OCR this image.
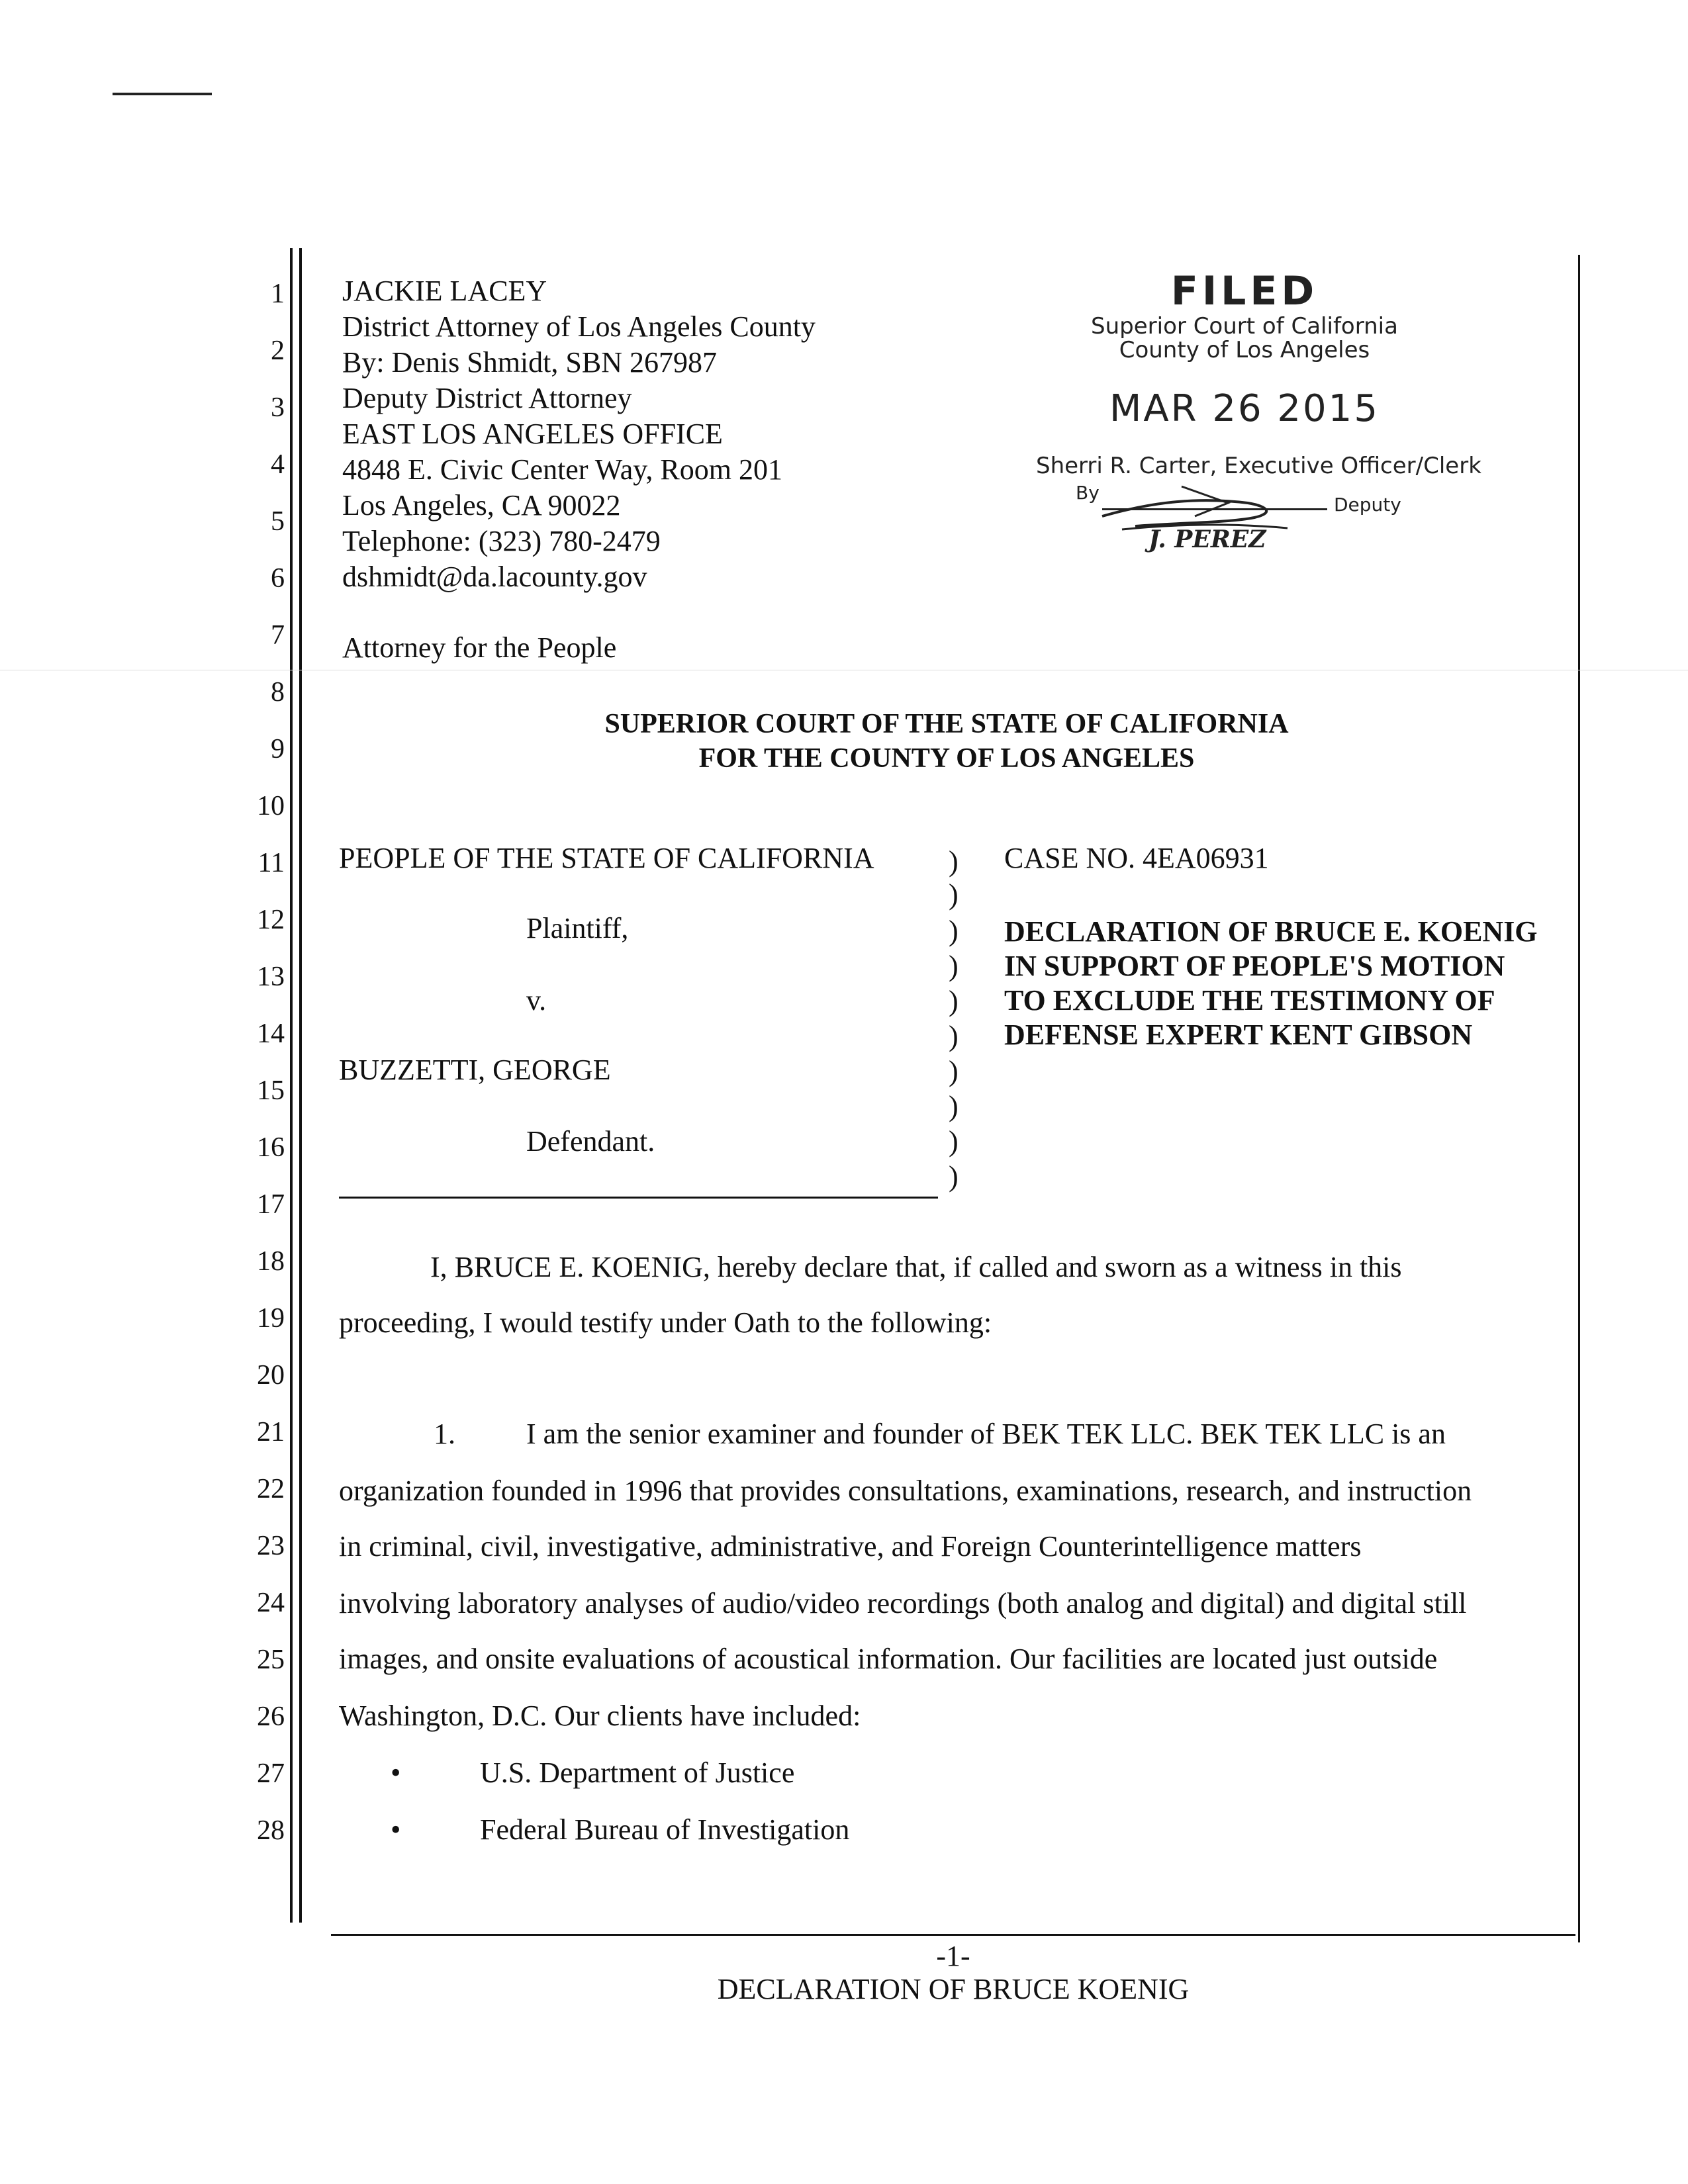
1
2
3
4
5
6
7
8
9
10
11
12
13
14
15
16
17
18
19
20
21
22
23
24
25
26
27
28
JACKIE LACEY
District Attorney of Los Angeles County
By: Denis Shmidt, SBN 267987
Deputy District Attorney
EAST LOS ANGELES OFFICE
4848 E. Civic Center Way, Room 201
Los Angeles, CA 90022
Telephone: (323) 780-2479
dshmidt@da.lacounty.gov
Attorney for the People
FILED
Superior Court of California
County of Los Angeles
MAR 26 2015
Sherri R. Carter, Executive Officer/Clerk
By
Deputy
J. PEREZ
SUPERIOR COURT OF THE STATE OF CALIFORNIA
FOR THE COUNTY OF LOS ANGELES
PEOPLE OF THE STATE OF CALIFORNIA
Plaintiff,
v.
BUZZETTI, GEORGE
Defendant.
)
)
)
)
)
)
)
)
)
)
CASE NO. 4EA06931
DECLARATION OF BRUCE E. KOENIG
IN SUPPORT OF PEOPLE'S MOTION
TO EXCLUDE THE TESTIMONY OF
DEFENSE EXPERT KENT GIBSON
I, BRUCE E. KOENIG, hereby declare that, if called and sworn as a witness in this
proceeding, I would testify under Oath to the following:
1. I am the senior examiner and founder of BEK TEK LLC. BEK TEK LLC is an
organization founded in 1996 that provides consultations, examinations, research, and instruction
in criminal, civil, investigative, administrative, and Foreign Counterintelligence matters
involving laboratory analyses of audio/video recordings (both analog and digital) and digital still
images, and onsite evaluations of acoustical information. Our facilities are located just outside
Washington, D.C. Our clients have included:
•	U.S. Department of Justice
•	Federal Bureau of Investigation
-1-
DECLARATION OF BRUCE KOENIG
